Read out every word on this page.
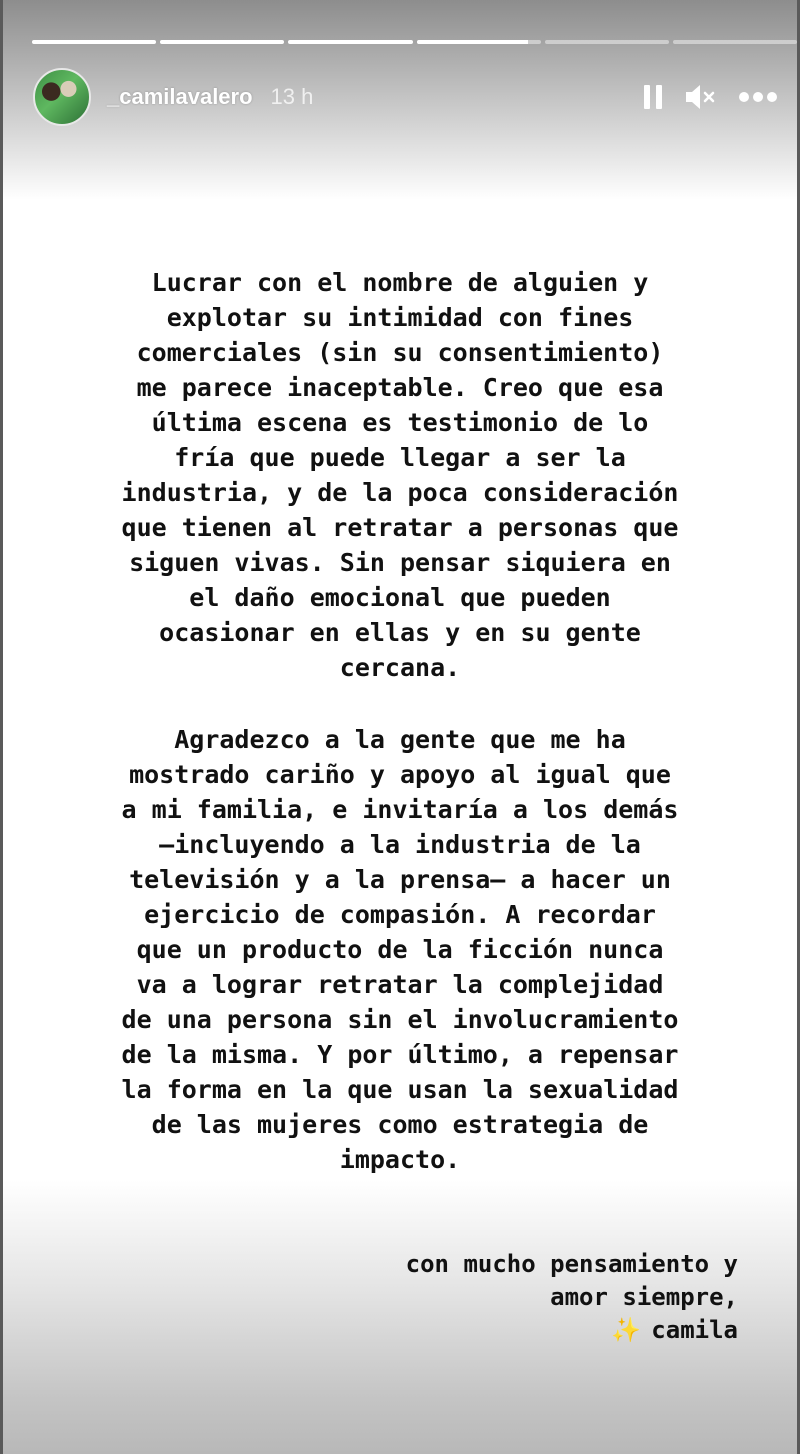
_camilavalero 13 h

Lucrar con el nombre de alguien y
explotar su intimidad con fines
comerciales (sin su consentimiento)
me parece inaceptable. Creo que esa
última escena es testimonio de lo
fría que puede llegar a ser la
industria, y de la poca consideración
que tienen al retratar a personas que
siguen vivas. Sin pensar siquiera en
el daño emocional que pueden
ocasionar en ellas y en su gente
cercana.

Agradezco a la gente que me ha
mostrado cariño y apoyo al igual que
a mi familia, e invitaría a los demás
—incluyendo a la industria de la
televisión y a la prensa— a hacer un
ejercicio de compasión. A recordar
que un producto de la ficción nunca
va a lograr retratar la complejidad
de una persona sin el involucramiento
de la misma. Y por último, a repensar
la forma en la que usan la sexualidad
de las mujeres como estrategia de
impacto.

con mucho pensamiento y
amor siempre,
✨ camila
